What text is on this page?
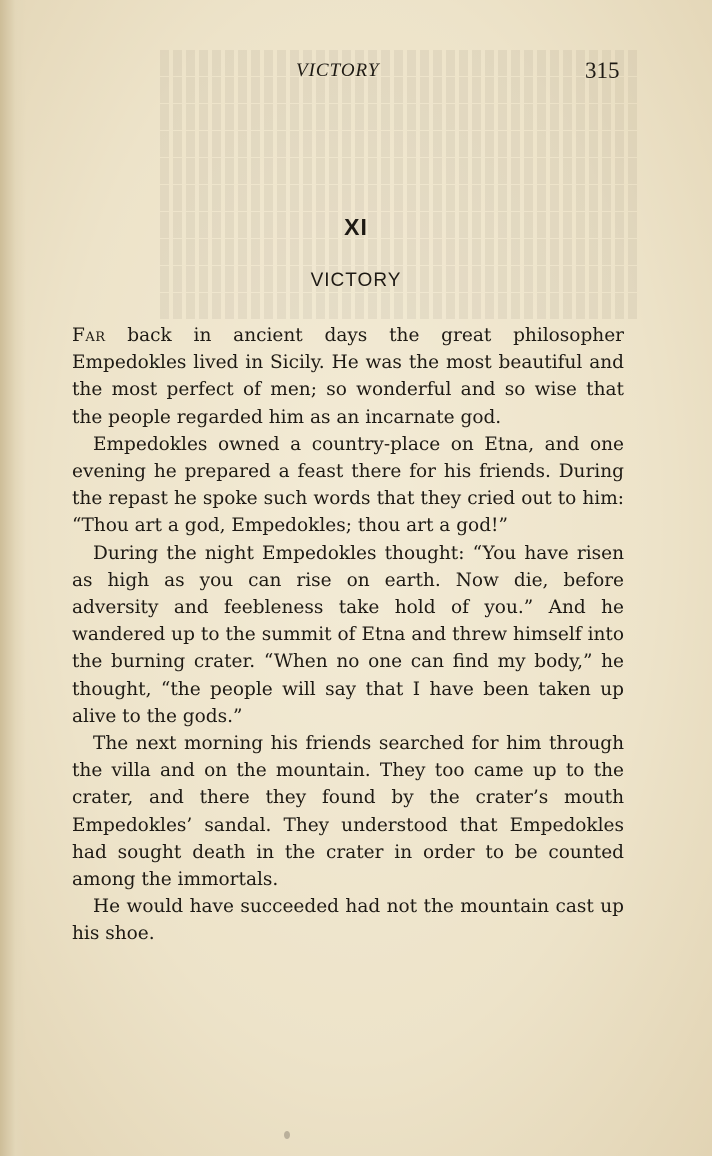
VICTORY	315
XI
VICTORY

Far back in ancient days the great philosopher Empedokles lived in Sicily. He was the most beautiful and the most perfect of men; so wonderful and so wise that the people regarded him as an incarnate god.

Empedokles owned a country-place on Etna, and one evening he prepared a feast there for his friends. During the repast he spoke such words that they cried out to him: “Thou art a god, Empedokles; thou art a god!”

During the night Empedokles thought: “You have risen as high as you can rise on earth. Now die, before adversity and feebleness take hold of you.” And he wandered up to the summit of Etna and threw himself into the burning crater. “When no one can find my body,” he thought, “the people will say that I have been taken up alive to the gods.”

The next morning his friends searched for him through the villa and on the mountain. They too came up to the crater, and there they found by the crater’s mouth Empedokles’ sandal. They understood that Empedokles had sought death in the crater in order to be counted among the immortals.

He would have succeeded had not the mountain cast up his shoe.
